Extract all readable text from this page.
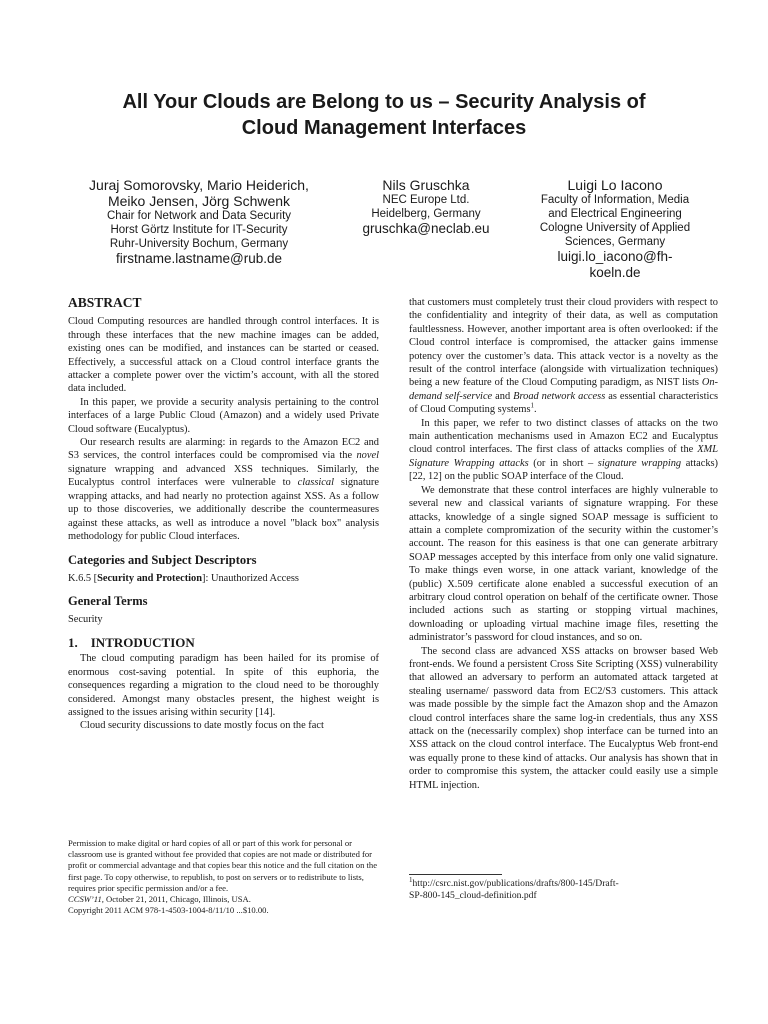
All Your Clouds are Belong to us – Security Analysis of
Cloud Management Interfaces
Juraj Somorovsky, Mario Heiderich,
Meiko Jensen, Jörg Schwenk
Chair for Network and Data Security
Horst Görtz Institute for IT-Security
Ruhr-University Bochum, Germany
firstname.lastname@rub.de
Nils Gruschka
NEC Europe Ltd.
Heidelberg, Germany
gruschka@neclab.eu
Luigi Lo Iacono
Faculty of Information, Media
and Electrical Engineering
Cologne University of Applied
Sciences, Germany
luigi.lo_iacono@fh-
koeln.de
ABSTRACT

Cloud Computing resources are handled through control interfaces. It is through these interfaces that the new machine images can be added, existing ones can be modified, and instances can be started or ceased. Effectively, a successful attack on a Cloud control interface grants the attacker a complete power over the victim’s account, with all the stored data included.

In this paper, we provide a security analysis pertaining to the control interfaces of a large Public Cloud (Amazon) and a widely used Private Cloud software (Eucalyptus).

Our research results are alarming: in regards to the Amazon EC2 and S3 services, the control interfaces could be compromised via the novel signature wrapping and advanced XSS techniques. Similarly, the Eucalyptus control interfaces were vulnerable to classical signature wrapping attacks, and had nearly no protection against XSS. As a follow up to those discoveries, we additionally describe the countermeasures against these attacks, as well as introduce a novel "black box" analysis methodology for public Cloud interfaces.

Categories and Subject Descriptors

K.6.5 [Security and Protection]: Unauthorized Access

General Terms

Security

1.    INTRODUCTION

The cloud computing paradigm has been hailed for its promise of enormous cost-saving potential. In spite of this euphoria, the consequences regarding a migration to the cloud need to be thoroughly considered. Amongst many obstacles present, the highest weight is assigned to the issues arising within security [14].

Cloud security discussions to date mostly focus on the fact

Permission to make digital or hard copies of all or part of this work for personal or classroom use is granted without fee provided that copies are not made or distributed for profit or commercial advantage and that copies bear this notice and the full citation on the first page. To copy otherwise, to republish, to post on servers or to redistribute to lists, requires prior specific permission and/or a fee.

CCSW’11, October 21, 2011, Chicago, Illinois, USA.

Copyright 2011 ACM 978-1-4503-1004-8/11/10 ...$10.00.

that customers must completely trust their cloud providers with respect to the confidentiality and integrity of their data, as well as computation faultlessness. However, another important area is often overlooked: if the Cloud control interface is compromised, the attacker gains immense potency over the customer’s data. This attack vector is a novelty as the result of the control interface (alongside with virtualization techniques) being a new feature of the Cloud Computing paradigm, as NIST lists On-demand self-service and Broad network access as essential characteristics of Cloud Computing systems$^1$.

In this paper, we refer to two distinct classes of attacks on the two main authentication mechanisms used in Amazon EC2 and Eucalyptus cloud control interfaces. The first class of attacks complies of the XML Signature Wrapping attacks (or in short – signature wrapping attacks) [22, 12] on the public SOAP interface of the Cloud.

We demonstrate that these control interfaces are highly vulnerable to several new and classical variants of signature wrapping. For these attacks, knowledge of a single signed SOAP message is sufficient to attain a complete compromization of the security within the customer’s account. The reason for this easiness is that one can generate arbitrary SOAP messages accepted by this interface from only one valid signature. To make things even worse, in one attack variant, knowledge of the (public) X.509 certificate alone enabled a successful execution of an arbitrary cloud control operation on behalf of the certificate owner. Those included actions such as starting or stopping virtual machines, downloading or uploading virtual machine image files, resetting the administrator’s password for cloud instances, and so on.

The second class are advanced XSS attacks on browser based Web front-ends. We found a persistent Cross Site Scripting (XSS) vulnerability that allowed an adversary to perform an automated attack targeted at stealing username/ password data from EC2/S3 customers. This attack was made possible by the simple fact the Amazon shop and the Amazon cloud control interfaces share the same log-in credentials, thus any XSS attack on the (necessarily complex) shop interface can be turned into an XSS attack on the cloud control interface. The Eucalyptus Web front-end was equally prone to these kind of attacks. Our analysis has shown that in order to compromise this system, the attacker could easily use a simple HTML injection.

$^1$http://csrc.nist.gov/publications/drafts/800-145/Draft-
SP-800-145_cloud-definition.pdf
